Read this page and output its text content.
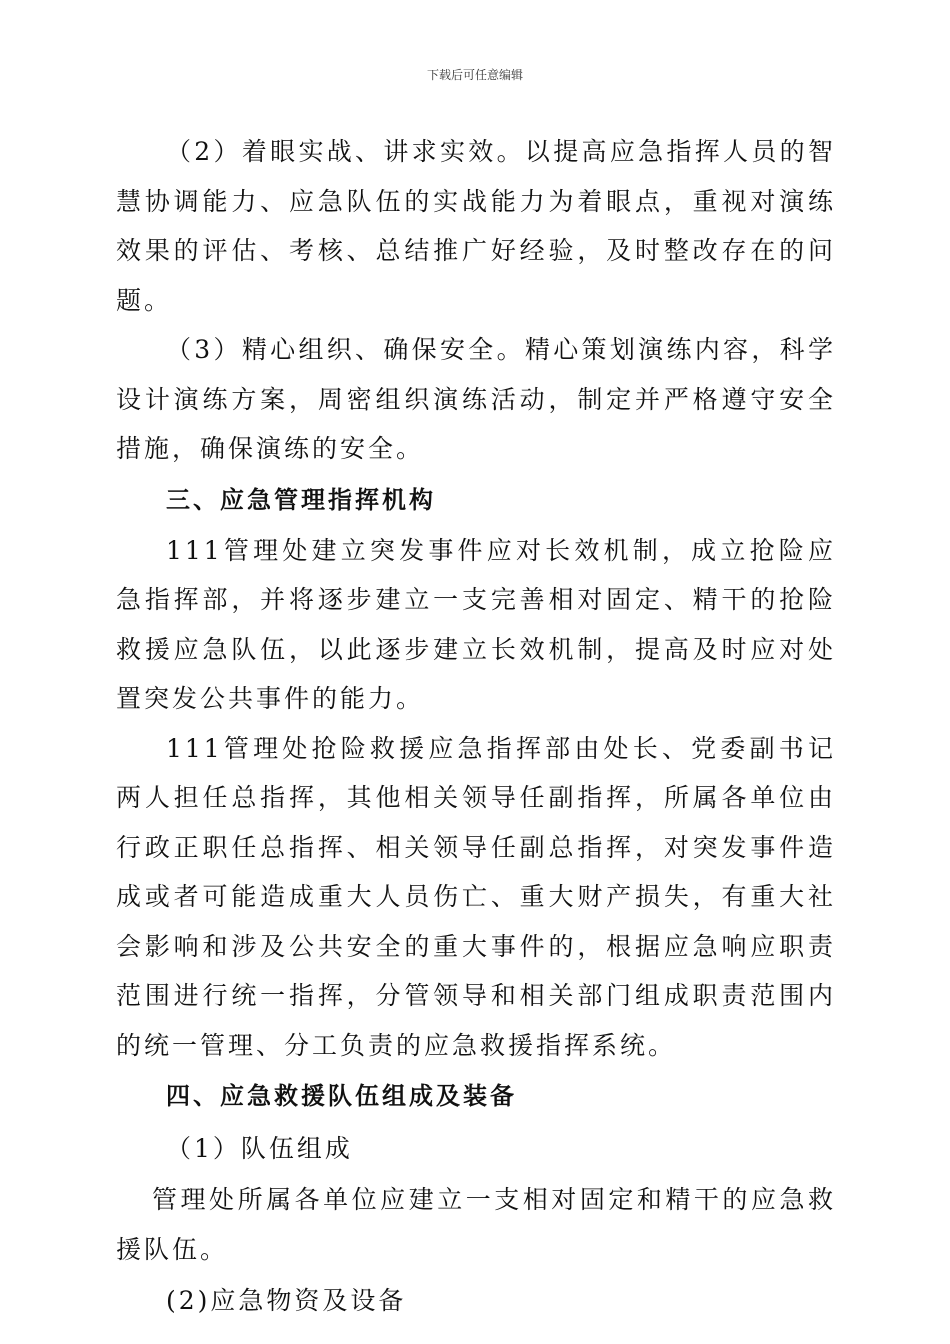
下载后可任意编辑

（2）着眼实战、讲求实效。以提高应急指挥人员的智慧协调能力、应急队伍的实战能力为着眼点，重视对演练效果的评估、考核、总结推广好经验，及时整改存在的问题。

（3）精心组织、确保安全。精心策划演练内容，科学设计演练方案，周密组织演练活动，制定并严格遵守安全措施，确保演练的安全。

三、应急管理指挥机构

111管理处建立突发事件应对长效机制，成立抢险应急指挥部，并将逐步建立一支完善相对固定、精干的抢险救援应急队伍，以此逐步建立长效机制，提高及时应对处置突发公共事件的能力。

111管理处抢险救援应急指挥部由处长、党委副书记两人担任总指挥，其他相关领导任副指挥，所属各单位由行政正职任总指挥、相关领导任副总指挥，对突发事件造成或者可能造成重大人员伤亡、重大财产损失，有重大社会影响和涉及公共安全的重大事件的，根据应急响应职责范围进行统一指挥，分管领导和相关部门组成职责范围内的统一管理、分工负责的应急救援指挥系统。

四、应急救援队伍组成及装备

（1）队伍组成

管理处所属各单位应建立一支相对固定和精干的应急救援队伍。

(2)应急物资及设备
